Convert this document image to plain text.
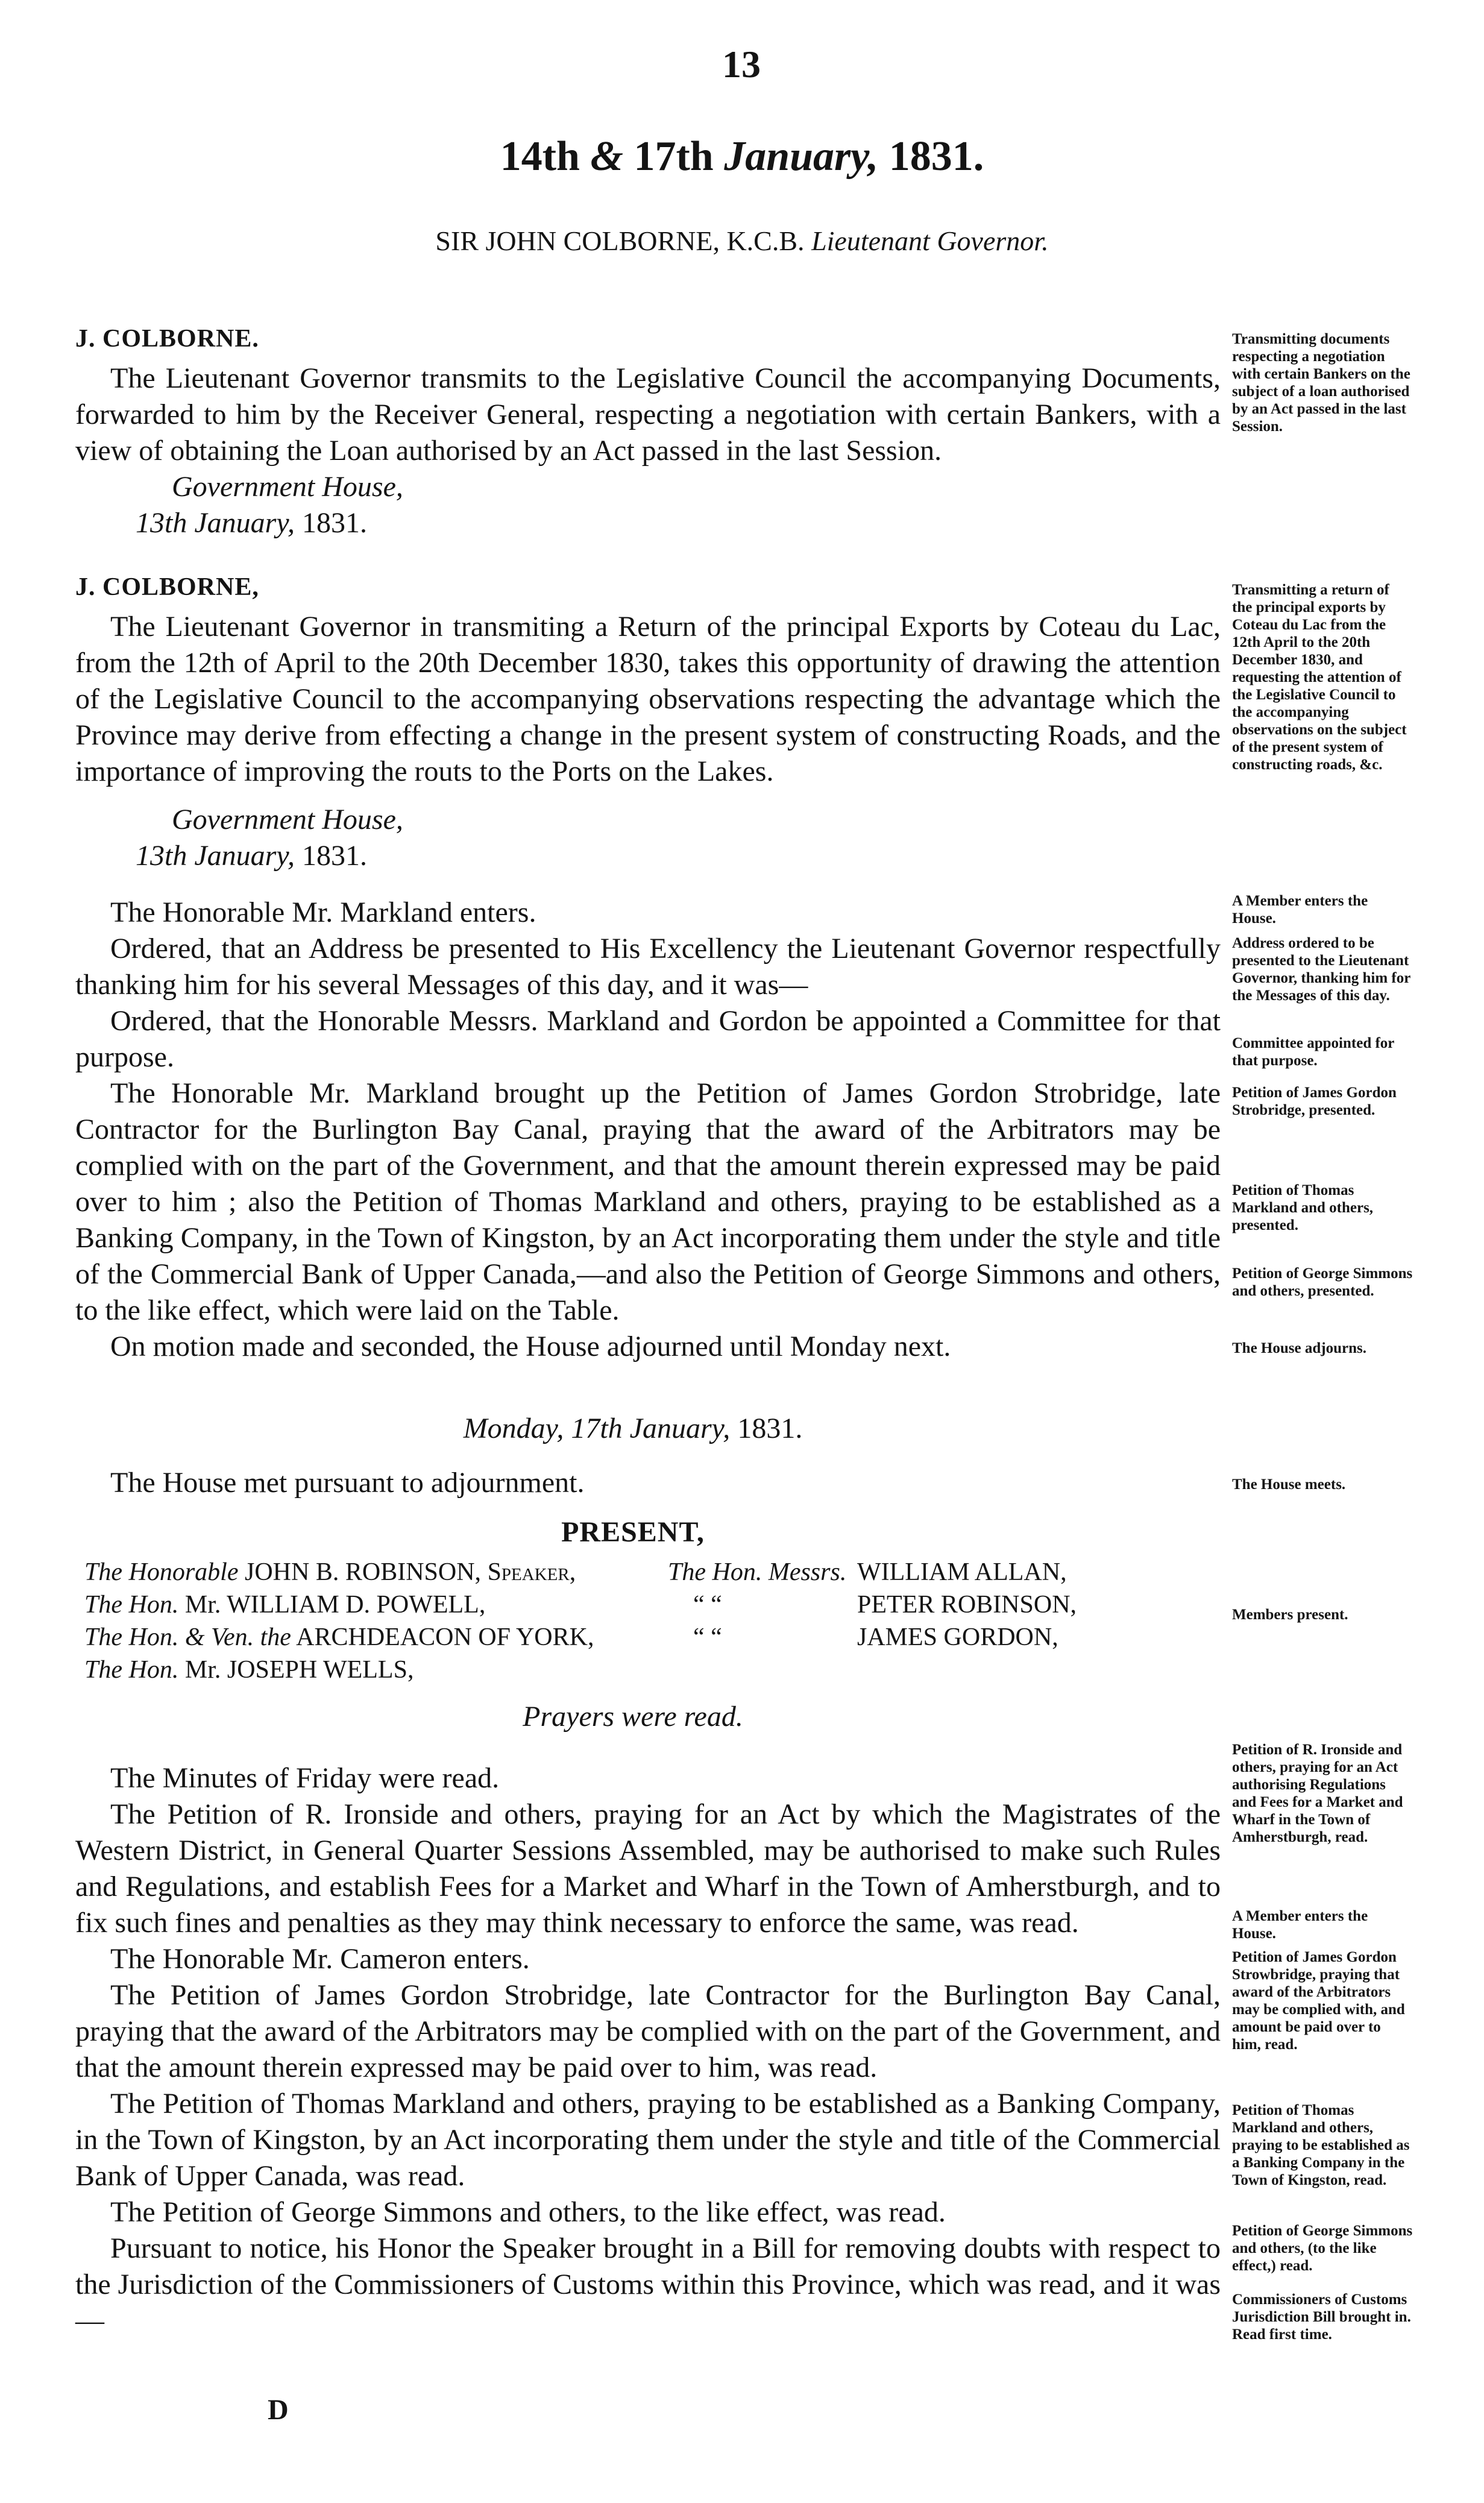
13
14th & 17th January, 1831.
SIR JOHN COLBORNE, K.C.B. Lieutenant Governor.
J. COLBORNE.

The Lieutenant Governor transmits to the Legislative Council the accompanying Documents, forwarded to him by the Receiver General, respecting a negotiation with certain Bankers, with a view of obtaining the Loan authorised by an Act passed in the last Session.

Government House,

13th January, 1831.

Transmitting documents respecting a negotiation with certain Bankers on the subject of a loan authorised by an Act passed in the last Session.
J. COLBORNE,

The Lieutenant Governor in transmiting a Return of the principal Exports by Coteau du Lac, from the 12th of April to the 20th December 1830, takes this opportunity of drawing the attention of the Legislative Council to the accompanying observations respecting the advantage which the Province may derive from effecting a change in the present system of constructing Roads, and the importance of improving the routs to the Ports on the Lakes.

Government House,

13th January, 1831.

Transmitting a return of the principal exports by Coteau du Lac from the 12th April to the 20th December 1830, and requesting the attention of the Legislative Council to the accompanying observations on the subject of the present system of constructing roads, &c.

The Honorable Mr. Markland enters.

Ordered, that an Address be presented to His Excellency the Lieutenant Governor respectfully thanking him for his several Messages of this day, and it was—

Ordered, that the Honorable Messrs. Markland and Gordon be appointed a Committee for that purpose.

The Honorable Mr. Markland brought up the Petition of James Gordon Strobridge, late Contractor for the Burlington Bay Canal, praying that the award of the Arbitrators may be complied with on the part of the Government, and that the amount therein expressed may be paid over to him ; also the Petition of Thomas Markland and others, praying to be established as a Banking Company, in the Town of Kingston, by an Act incorporating them under the style and title of the Commercial Bank of Upper Canada,—and also the Petition of George Simmons and others, to the like effect, which were laid on the Table.

On motion made and seconded, the House adjourned until Monday next.

A Member enters the House.
Address ordered to be presented to the Lieutenant Governor, thanking him for the Messages of this day.
Committee appointed for that purpose.
Petition of James Gordon Strobridge, presented.
Petition of Thomas Markland and others, presented.
Petition of George Simmons and others, presented.
The House adjourns.
Monday, 17th January, 1831.

The House met pursuant to adjournment.	The House meets.
PRESENT,
The Honorable JOHN B. ROBINSON, Speaker,	The Hon. Messrs. WILLIAM ALLAN,
The Hon. Mr. WILLIAM D. POWELL,	“ “	PETER ROBINSON,
The Hon. & Ven. the ARCHDEACON OF YORK,	“ “	JAMES GORDON,
The Hon. Mr. JOSEPH WELLS,
Members present.
Prayers were read.

The Minutes of Friday were read.

The Petition of R. Ironside and others, praying for an Act by which the Magistrates of the Western District, in General Quarter Sessions Assembled, may be authorised to make such Rules and Regulations, and establish Fees for a Market and Wharf in the Town of Amherstburgh, and to fix such fines and penalties as they may think necessary to enforce the same, was read.

The Honorable Mr. Cameron enters.

The Petition of James Gordon Strobridge, late Contractor for the Burlington Bay Canal, praying that the award of the Arbitrators may be complied with on the part of the Government, and that the amount therein expressed may be paid over to him, was read.

The Petition of Thomas Markland and others, praying to be established as a Banking Company, in the Town of Kingston, by an Act incorporating them under the style and title of the Commercial Bank of Upper Canada, was read.

The Petition of George Simmons and others, to the like effect, was read.

Pursuant to notice, his Honor the Speaker brought in a Bill for removing doubts with respect to the Jurisdiction of the Commissioners of Customs within this Province, which was read, and it was—

Petition of R. Ironside and others, praying for an Act authorising Regulations and Fees for a Market and Wharf in the Town of Amherstburgh, read.
A Member enters the House.
Petition of James Gordon Strowbridge, praying that award of the Arbitrators may be complied with, and amount be paid over to him, read.
Petition of Thomas Markland and others, praying to be established as a Banking Company in the Town of Kingston, read.
Petition of George Simmons and others, (to the like effect,) read.
Commissioners of Customs Jurisdiction Bill brought in. Read first time.
D
